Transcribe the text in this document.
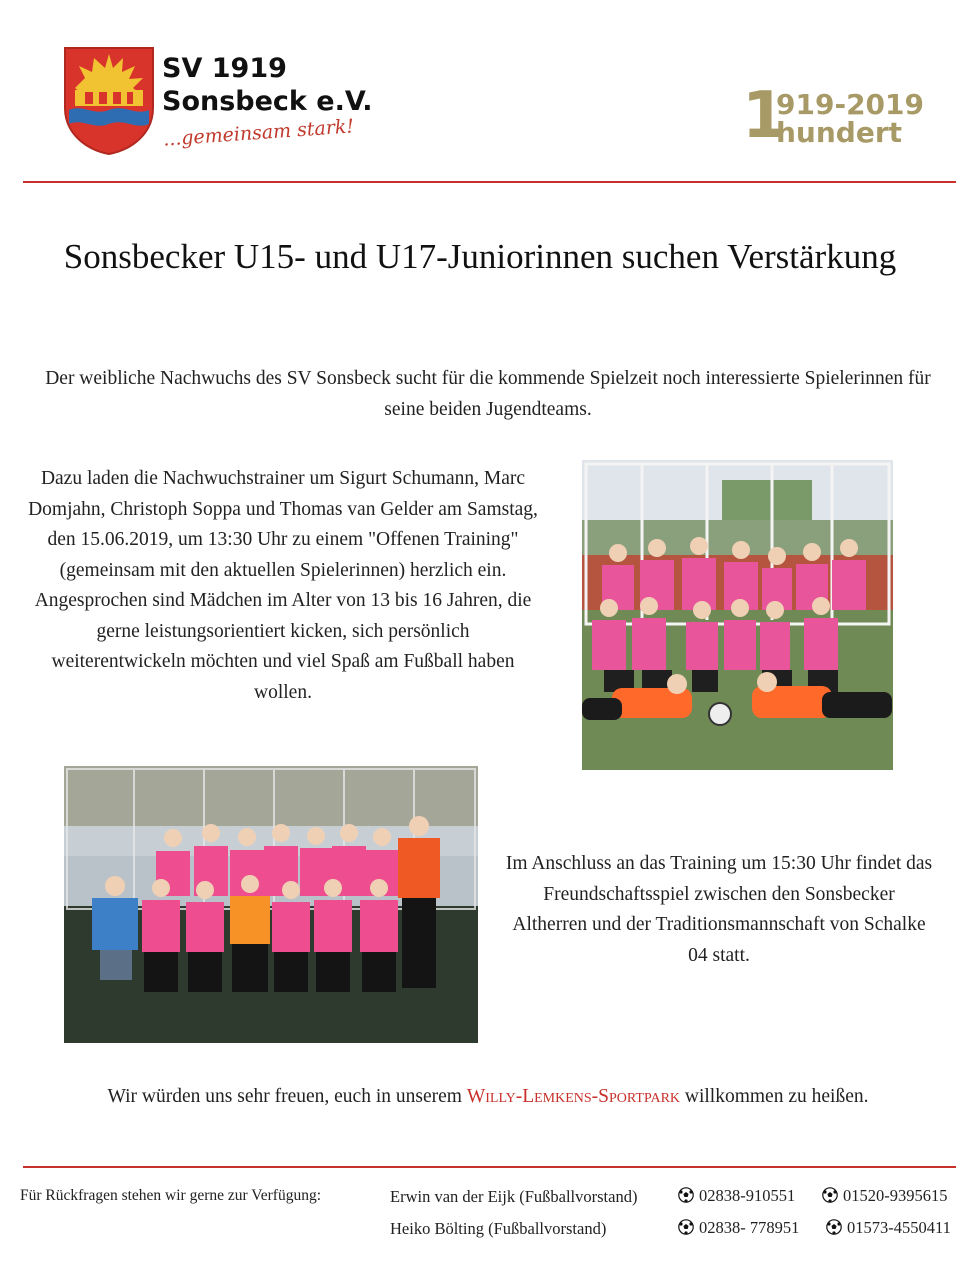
SV 1919
Sonsbeck e.V.
...gemeinsam stark!	1
919-2019
hundert
Sonsbecker U15- und U17-Juniorinnen suchen Verstärkung
Der weibliche Nachwuchs des SV Sonsbeck sucht für die kommende Spielzeit noch interessierte Spielerinnen für seine beiden Jugendteams.
Dazu laden die Nachwuchstrainer um Sigurt Schumann, Marc Domjahn, Christoph Soppa und Thomas van Gelder am Samstag, den 15.06.2019, um 13:30 Uhr zu einem "Offenen Training" (gemeinsam mit den aktuellen Spielerinnen) herzlich ein. Angesprochen sind Mädchen im Alter von 13 bis 16 Jahren, die gerne leistungsorientiert kicken, sich persönlich weiterentwickeln möchten und viel Spaß am Fußball haben wollen.
Im Anschluss an das Training um 15:30 Uhr findet das Freundschaftsspiel zwischen den Sonsbecker Altherren und der Traditionsmannschaft von Schalke 04 statt.
Wir würden uns sehr freuen, euch in unserem Willy-Lemkens-Sportpark willkommen zu heißen.
Für Rückfragen stehen wir gerne zur Verfügung:	Erwin van der Eijk (Fußballvorstand)	02838-910551	01520-9395615
Heiko Bölting (Fußballvorstand)	02838- 778951	01573-4550411
